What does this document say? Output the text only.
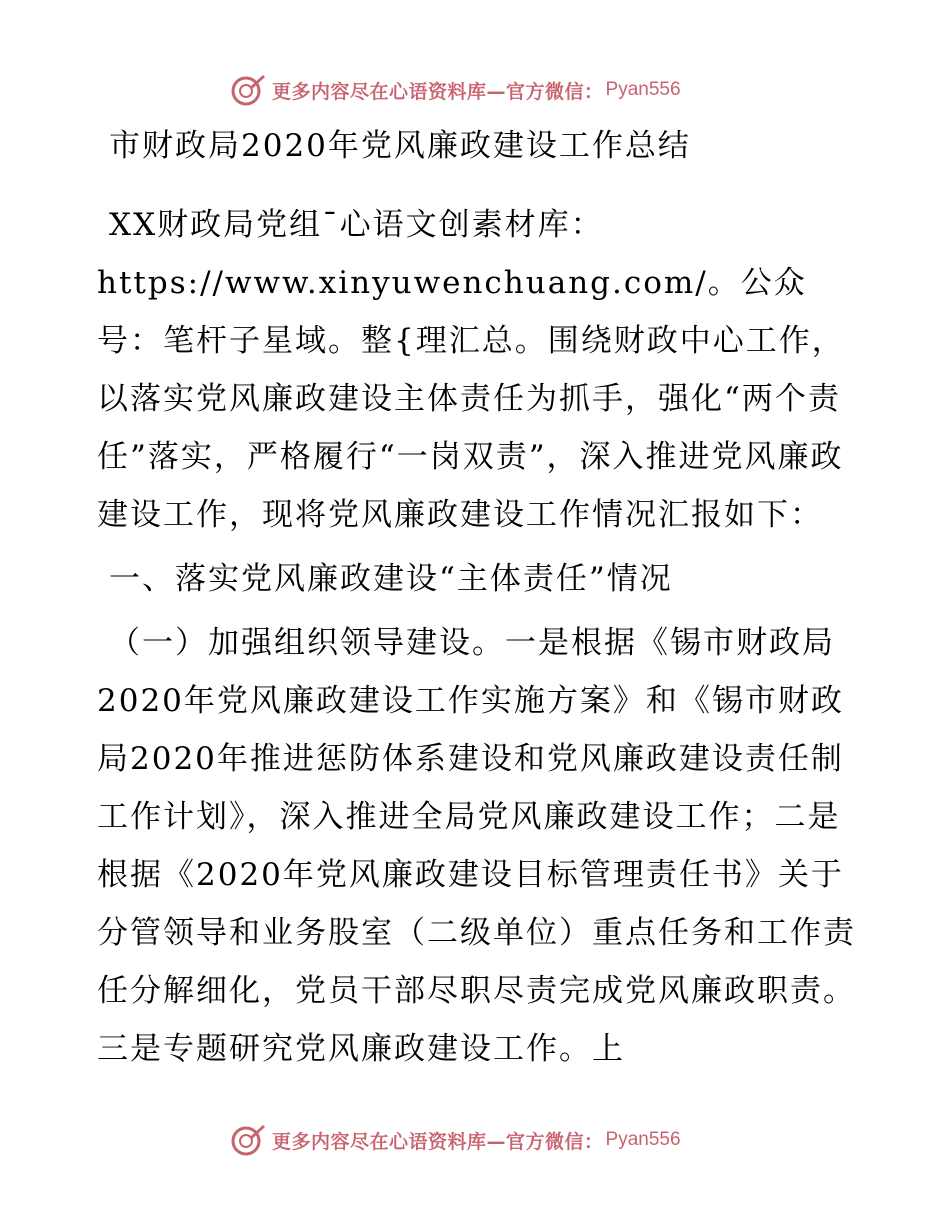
更多内容尽在心语资料库—官方微信： Pyan556

市财政局2020年党风廉政建设工作总结

XX财政局党组¯心语文创素材库：https://www.xinyuwenchuang.com/。公众号：笔杆子星域。整{理汇总。围绕财政中心工作，以落实党风廉政建设主体责任为抓手，强化“两个责任”落实，严格履行“一岗双责”，深入推进党风廉政建设工作，现将党风廉政建设工作情况汇报如下：

一、落实党风廉政建设“主体责任”情况

（一）加强组织领导建设。一是根据《锡市财政局2020年党风廉政建设工作实施方案》和《锡市财政局2020年推进惩防体系建设和党风廉政建设责任制工作计划》，深入推进全局党风廉政建设工作；二是根据《2020年党风廉政建设目标管理责任书》关于分管领导和业务股室（二级单位）重点任务和工作责任分解细化，党员干部尽职尽责完成党风廉政职责。三是专题研究党风廉政建设工作。上

更多内容尽在心语资料库—官方微信： Pyan556
